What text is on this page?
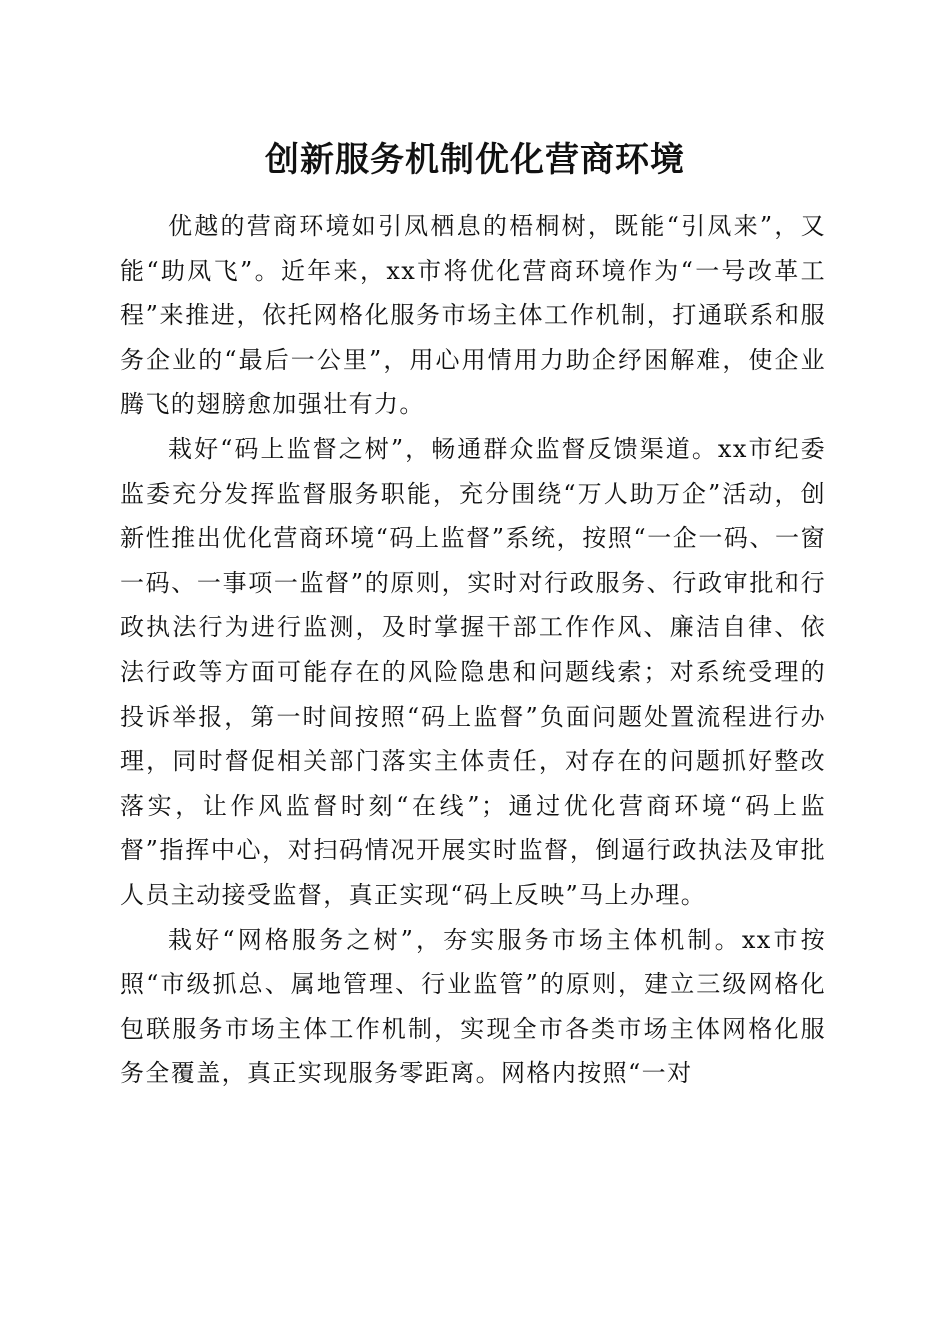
创新服务机制优化营商环境

优越的营商环境如引凤栖息的梧桐树，既能“引凤来”，又能“助凤飞”。近年来，xx市将优化营商环境作为“一号改革工程”来推进，依托网格化服务市场主体工作机制，打通联系和服务企业的“最后一公里”，用心用情用力助企纾困解难，使企业腾飞的翅膀愈加强壮有力。

栽好“码上监督之树”，畅通群众监督反馈渠道。xx市纪委监委充分发挥监督服务职能，充分围绕“万人助万企”活动，创新性推出优化营商环境“码上监督”系统，按照“一企一码、一窗一码、一事项一监督”的原则，实时对行政服务、行政审批和行政执法行为进行监测，及时掌握干部工作作风、廉洁自律、依法行政等方面可能存在的风险隐患和问题线索；对系统受理的投诉举报，第一时间按照“码上监督”负面问题处置流程进行办理，同时督促相关部门落实主体责任，对存在的问题抓好整改落实，让作风监督时刻“在线”；通过优化营商环境“码上监督”指挥中心，对扫码情况开展实时监督，倒逼行政执法及审批人员主动接受监督，真正实现“码上反映”马上办理。

栽好“网格服务之树”，夯实服务市场主体机制。xx市按照“市级抓总、属地管理、行业监管”的原则，建立三级网格化包联服务市场主体工作机制，实现全市各类市场主体网格化服务全覆盖，真正实现服务零距离。网格内按照“一对
